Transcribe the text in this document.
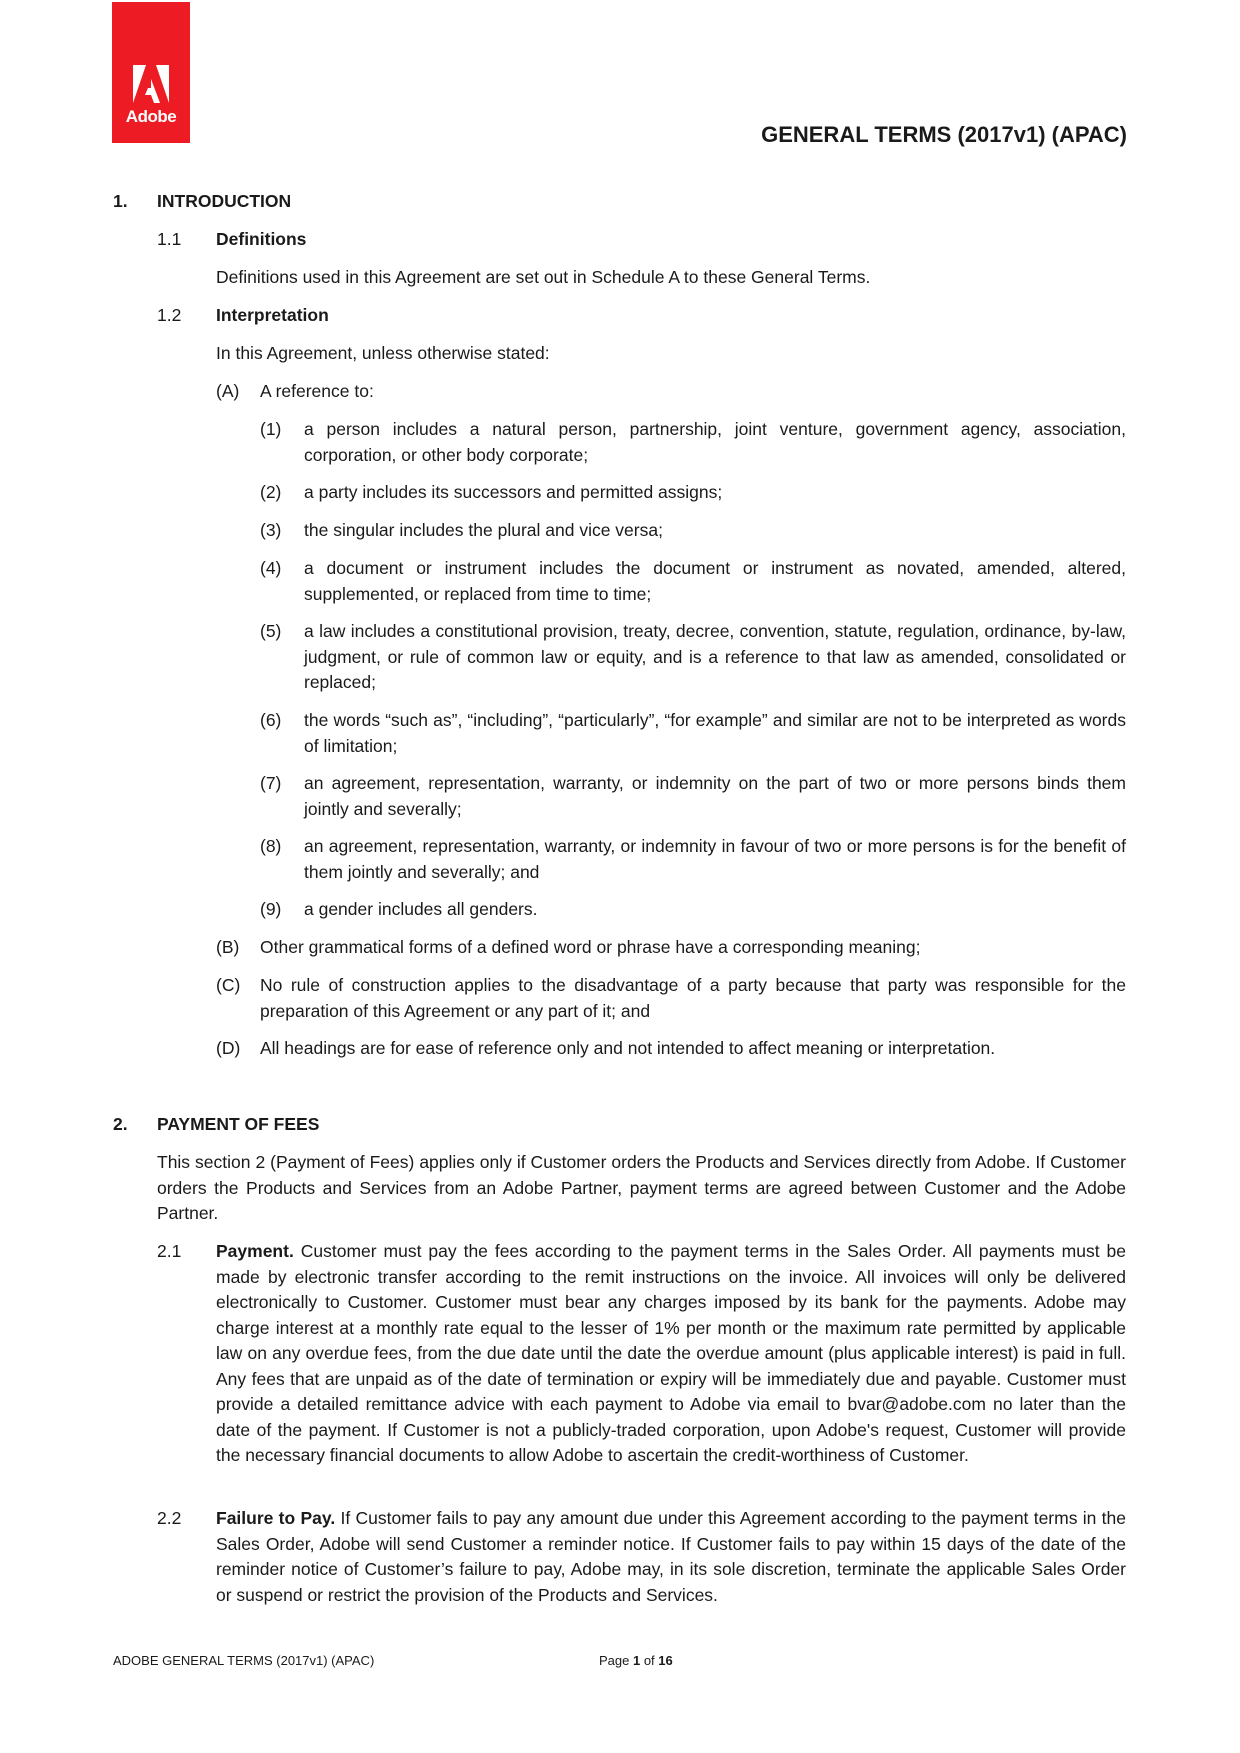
Adobe
GENERAL TERMS (2017v1) (APAC)
1. INTRODUCTION
1.1 Definitions
Definitions used in this Agreement are set out in Schedule A to these General Terms.
1.2 Interpretation
In this Agreement, unless otherwise stated:
(A) A reference to:
(1) a person includes a natural person, partnership, joint venture, government agency, association, corporation, or other body corporate;
(2) a party includes its successors and permitted assigns;
(3) the singular includes the plural and vice versa;
(4) a document or instrument includes the document or instrument as novated, amended, altered, supplemented, or replaced from time to time;
(5) a law includes a constitutional provision, treaty, decree, convention, statute, regulation, ordinance, by-law, judgment, or rule of common law or equity, and is a reference to that law as amended, consolidated or replaced;
(6) the words “such as”, “including”, “particularly”, “for example” and similar are not to be interpreted as words of limitation;
(7) an agreement, representation, warranty, or indemnity on the part of two or more persons binds them jointly and severally;
(8) an agreement, representation, warranty, or indemnity in favour of two or more persons is for the benefit of them jointly and severally; and
(9) a gender includes all genders.
(B) Other grammatical forms of a defined word or phrase have a corresponding meaning;
(C) No rule of construction applies to the disadvantage of a party because that party was responsible for the preparation of this Agreement or any part of it; and
(D) All headings are for ease of reference only and not intended to affect meaning or interpretation.
2. PAYMENT OF FEES
This section 2 (Payment of Fees) applies only if Customer orders the Products and Services directly from Adobe. If Customer orders the Products and Services from an Adobe Partner, payment terms are agreed between Customer and the Adobe Partner.
2.1 Payment. Customer must pay the fees according to the payment terms in the Sales Order. All payments must be made by electronic transfer according to the remit instructions on the invoice. All invoices will only be delivered electronically to Customer. Customer must bear any charges imposed by its bank for the payments. Adobe may charge interest at a monthly rate equal to the lesser of 1% per month or the maximum rate permitted by applicable law on any overdue fees, from the due date until the date the overdue amount (plus applicable interest) is paid in full. Any fees that are unpaid as of the date of termination or expiry will be immediately due and payable. Customer must provide a detailed remittance advice with each payment to Adobe via email to bvar@adobe.com no later than the date of the payment. If Customer is not a publicly-traded corporation, upon Adobe's request, Customer will provide the necessary financial documents to allow Adobe to ascertain the credit-worthiness of Customer.
2.2 Failure to Pay. If Customer fails to pay any amount due under this Agreement according to the payment terms in the Sales Order, Adobe will send Customer a reminder notice. If Customer fails to pay within 15 days of the date of the reminder notice of Customer’s failure to pay, Adobe may, in its sole discretion, terminate the applicable Sales Order or suspend or restrict the provision of the Products and Services.
ADOBE GENERAL TERMS (2017v1) (APAC)	Page 1 of 16
